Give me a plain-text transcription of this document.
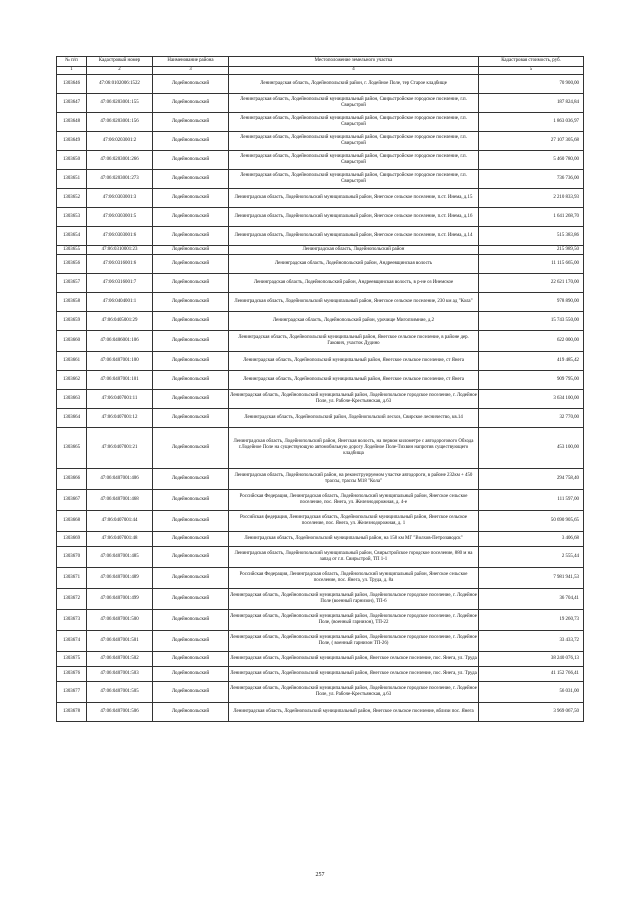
№ п/п	Кадастровый номер	Наименование района	Местоположение земельного участка	Кадастровая стоимость, руб.
1	2	3	4	5
1303646	47:06:0102006:1522	Лодейнопольский	Ленинградская область, Лодейнопольский район, г. Лодейное Поле, тер Старое кладбище	70 900,00
1303647	47:06:0203001:155	Лодейнопольский	Ленинградская область, Лодейнопольский муниципальный район, Свирьстройское городское поселение, г.п. Свирьстрой	187 824,84
1303648	47:06:0203001:156	Лодейнопольский	Ленинградская область, Лодейнопольский муниципальный район, Свирьстройское городское поселение, г.п. Свирьстрой	1 863 036,97
1303649	47:06:0203001:2	Лодейнопольский	Ленинградская область, Лодейнопольский муниципальный район, Свирьстройское городское поселение, г.п. Свирьстрой	27 107 305,68
1303650	47:06:0203001:266	Лодейнопольский	Ленинградская область, Лодейнопольский муниципальный район, Свирьстройское городское поселение, г.п. Свирьстрой	5 460 780,00
1303651	47:06:0203001:273	Лодейнопольский	Ленинградская область, Лодейнопольский муниципальный район, Свирьстройское городское поселение, г.п. Свирьстрой	736 736,00
1303652	47:06:0303001:3	Лодейнопольский	Ленинградская область, Лодейнопольский муниципальный район, Янегское сельское поселение, п.ст. Инема, д.15	2 210 833,93
1303653	47:06:0303001:5	Лодейнопольский	Ленинградская область, Лодейнопольский муниципальный район, Янегское сельское поселение, п.ст. Инема, д.16	1 641 268,70
1303654	47:06:0303001:6	Лодейнопольский	Ленинградская область, Лодейнопольский муниципальный район, Янегское сельское поселение, п.ст. Инема, д.14	515 383,86
1303655	47:06:0310001:23	Лодейнопольский	Ленинградская область, Лодейнопольский район	215 989,50
1303656	47:06:0316001:6	Лодейнопольский	Ленинградская область, Лодейнопольский район, Андреевщинская волость	11 115 665,00
1303657	47:06:0316001:7	Лодейнопольский	Ленинградская область, Лодейнопольский район, Андреевщинская волость, в р-не оз Инемское	22 621 170,00
1303658	47:06:0404001:1	Лодейнопольский	Ленинградская область, Лодейнопольский муниципальный район, Янегское сельское поселение, 230 км ад "Кола"	978 890,00
1303659	47:06:0405001:29	Лодейнопольский	Ленинградская область, Лодейнопольский район, урочище Мигопзимние, д.2	15 743 550,00
1303660	47:06:0406001:106	Лодейнопольский	Ленинградская область, Лодейнопольский муниципальный район, Янегское сельское поселение, в районе дер. Гакович, участок Дудино	622 000,00
1303661	47:06:0407001:100	Лодейнопольский	Ленинградская область, Лодейнопольский муниципальный район, Янегское сельское поселение, ст Янега	419 485,42
1303662	47:06:0407001:101	Лодейнопольский	Ленинградская область, Лодейнопольский муниципальный район, Янегское сельское поселение, ст Янега	909 795,00
1303663	47:06:0407001:11	Лодейнопольский	Ленинградская область, Лодейнопольский муниципальный район, Лодейнопольское городское поселение, г. Лодейное Поле, ул. Рабоче-Крестьянская, д.63	3 634 100,00
1303664	47:06:0407001:12	Лодейнопольский	Ленинградская область, Лодейнопольский район, Лодейнопольский лесхоз, Свирское лесничество, кв.14	32 770,00
1303665	47:06:0407001:21	Лодейнопольский	Ленинградская область, Лодейнопольский район, Янегская волость, на первом километре с автодорогового Обхода г.Лодейное Поле на существующую автомобильную дорогу Лодейное Поле-Тихвин напротив существующего кладбища	453 100,00
1303666	47:06:0407001:406	Лодейнопольский	Ленинградская область, Лодейнопольский район, на реконструируемом участке автодороги, в районе 232км + 450 трассы, трассы М18 "Кола"	294 758,40
1303667	47:06:0407001:468	Лодейнопольский	Российская Федерация, Ленинградская область, Лодейнопольский муниципальный район, Янегское сельское поселение, пос. Янега, ул. Железнодорожная, д. 4-е	111 597,00
1303668	47:06:0407001:44	Лодейнопольский	Российская федерация, Ленинградская область, Лодейнопольский муниципальный район, Янегское сельское поселение, пос. Янега, ул. Железнодорожная, д. 1	50 690 905,65
1303669	47:06:0407001:48	Лодейнопольский	Ленинградская область, Лодейнопольский муниципальный район, на 158 км МГ "Волхов-Петрозаводск"	3 406,68
1303670	47:06:0407001:485	Лодейнопольский	Ленинградская область, Лодейнопольский муниципальный район, Свирьстройское городское поселение, 880 м на запад от г.п. Свирьстрой, ТП 1-1	2 555,44
1303671	47:06:0407001:489	Лодейнопольский	Российская Федерация, Ленинградская область, Лодейнопольский муниципальный район, Янегское сельское поселение, пос. Янега, ул. Труда, д. 8а	7 981 941,53
1303672	47:06:0407001:499	Лодейнопольский	Ленинградская область, Лодейнопольский муниципальный район, Лодейнопольское городское поселение, г. Лодейное Поле (военный гарнизон), ТП-6	36 704,41
1303673	47:06:0407001:500	Лодейнопольский	Ленинградская область, Лодейнопольский муниципальный район, Лодейнопольское городское поселение, г. Лодейное Поле, (военный гарнизон), ТП-22	19 260,73
1303674	47:06:0407001:501	Лодейнопольский	Ленинградская область, Лодейнопольский муниципальный район, Лодейнопольское городское поселение, г. Лодейное Поле, ( военный гарнизон ТП-26)	33 433,72
1303675	47:06:0407001:502	Лодейнопольский	Ленинградская область, Лодейнопольский муниципальный район, Янегское сельское поселение, пос. Янега, ул. Труда	38 240 076,13
1303676	47:06:0407001:503	Лодейнопольский	Ленинградская область, Лодейнопольский муниципальный район, Янегское сельское поселение, пос. Янега, ул. Труда	41 152 766,41
1303677	47:06:0407001:505	Лодейнопольский	Ленинградская область, Лодейнопольский муниципальный район, Лодейнопольское городское поселение, г. Лодейное Поле, ул. Рабоче-Крестьянская, д.63	56 031,00
1303678	47:06:0407001:506	Лодейнопольский	Ленинградская область, Лодейнопольский муниципальный район, Янегское сельское поселение, вблизи пос. Янега	3 969 067,50
257
